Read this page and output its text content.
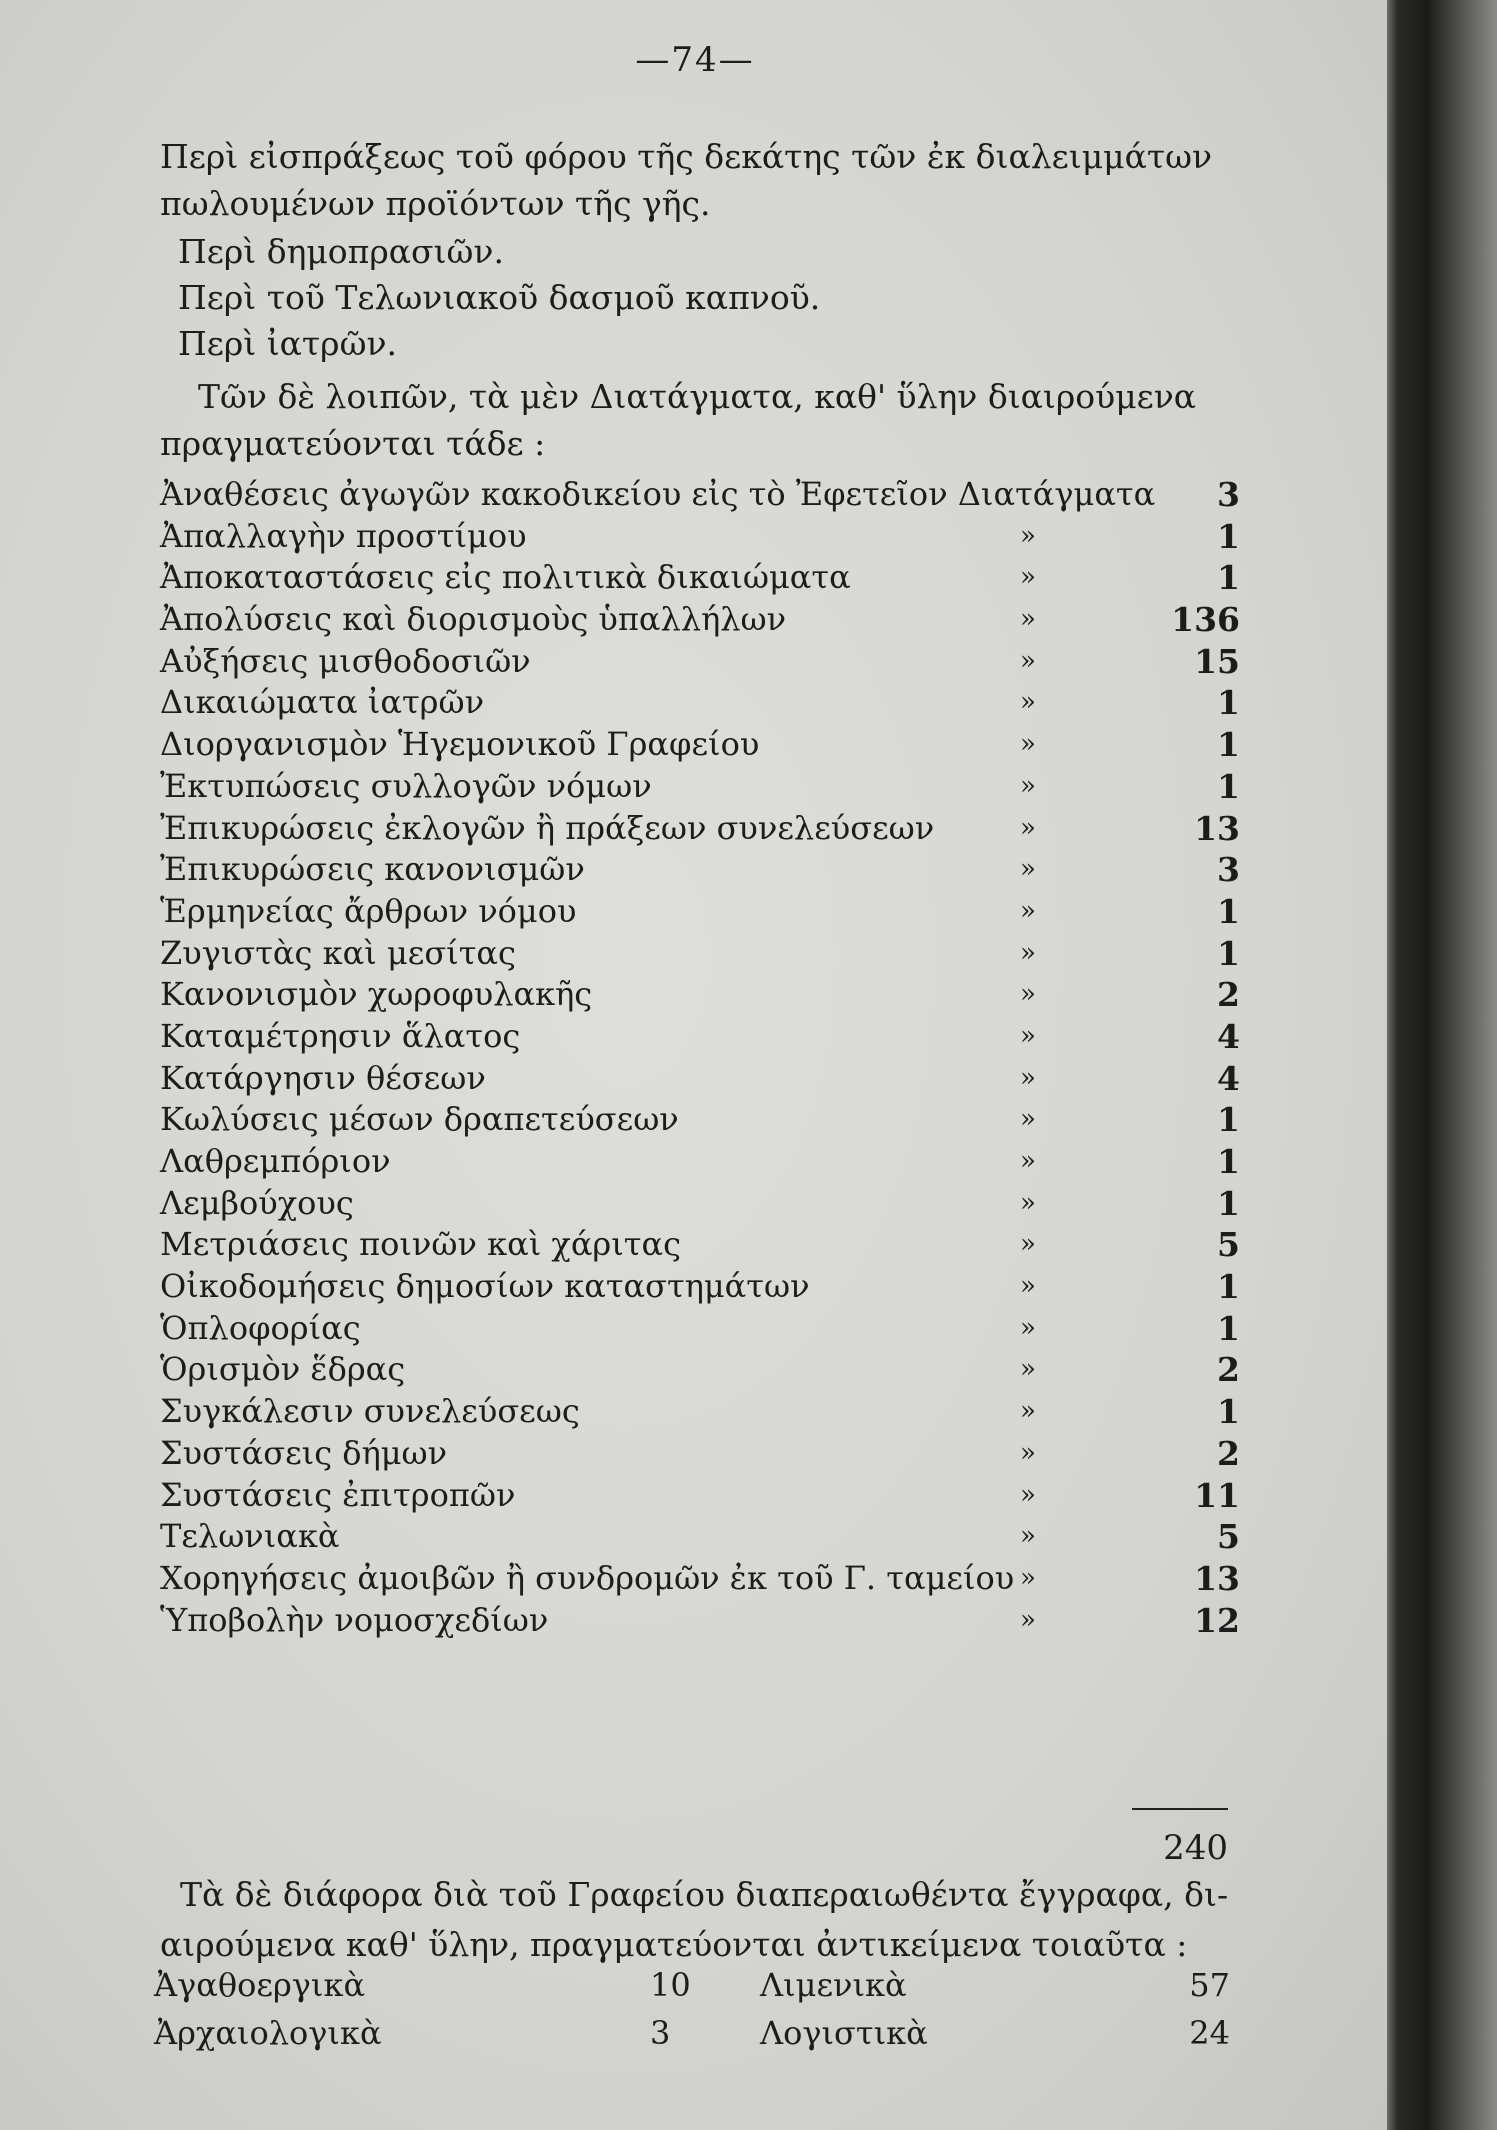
—74—
Περὶ εἰσπράξεως τοῦ φόρου τῆς δεκάτης τῶν ἐκ διαλειμμάτων
πωλουμένων προϊόντων τῆς γῆς.
Περὶ δημοπρασιῶν.
Περὶ τοῦ Τελωνιακοῦ δασμοῦ καπνοῦ.
Περὶ ἰατρῶν.
Τῶν δὲ λοιπῶν, τὰ μὲν Διατάγματα, καθ' ὕλην διαιρούμενα
πραγματεύονται τάδε :
Ἀναθέσεις ἀγωγῶν κακοδικείου εἰς τὸ Ἐφετεῖον Διατάγματα 3
Ἀπαλλαγὴν προστίμου	»	1
Ἀποκαταστάσεις εἰς πολιτικὰ δικαιώματα	»	1
Ἀπολύσεις καὶ διορισμοὺς ὑπαλλήλων	»	136
Αὐξήσεις μισθοδοσιῶν	»	15
Δικαιώματα ἰατρῶν	»	1
Διοργανισμὸν Ἡγεμονικοῦ Γραφείου	»	1
Ἐκτυπώσεις συλλογῶν νόμων	»	1
Ἐπικυρώσεις ἐκλογῶν ἢ πράξεων συνελεύσεων	»	13
Ἐπικυρώσεις κανονισμῶν	»	3
Ἑρμηνείας ἄρθρων νόμου	»	1
Ζυγιστὰς καὶ μεσίτας	»	1
Κανονισμὸν χωροφυλακῆς	»	2
Καταμέτρησιν ἅλατος	»	4
Κατάργησιν θέσεων	»	4
Κωλύσεις μέσων δραπετεύσεων	»	1
Λαθρεμπόριον	»	1
Λεμβούχους	»	1
Μετριάσεις ποινῶν καὶ χάριτας	»	5
Οἰκοδομήσεις δημοσίων καταστημάτων	»	1
Ὁπλοφορίας	»	1
Ὁρισμὸν ἕδρας	»	2
Συγκάλεσιν συνελεύσεως	»	1
Συστάσεις δήμων	»	2
Συστάσεις ἐπιτροπῶν	»	11
Τελωνιακὰ	»	5
Χορηγήσεις ἀμοιβῶν ἢ συνδρομῶν ἐκ τοῦ Γ. ταμείου »	13
Ὑποβολὴν νομοσχεδίων	»	12
240
Τὰ δὲ διάφορα διὰ τοῦ Γραφείου διαπεραιωθέντα ἔγγραφα, δι-
αιρούμενα καθ' ὕλην, πραγματεύονται ἀντικείμενα τοιαῦτα :
Ἀγαθοεργικὰ	10 Λιμενικὰ	57
Ἀρχαιολογικὰ	3	Λογιστικὰ	24
